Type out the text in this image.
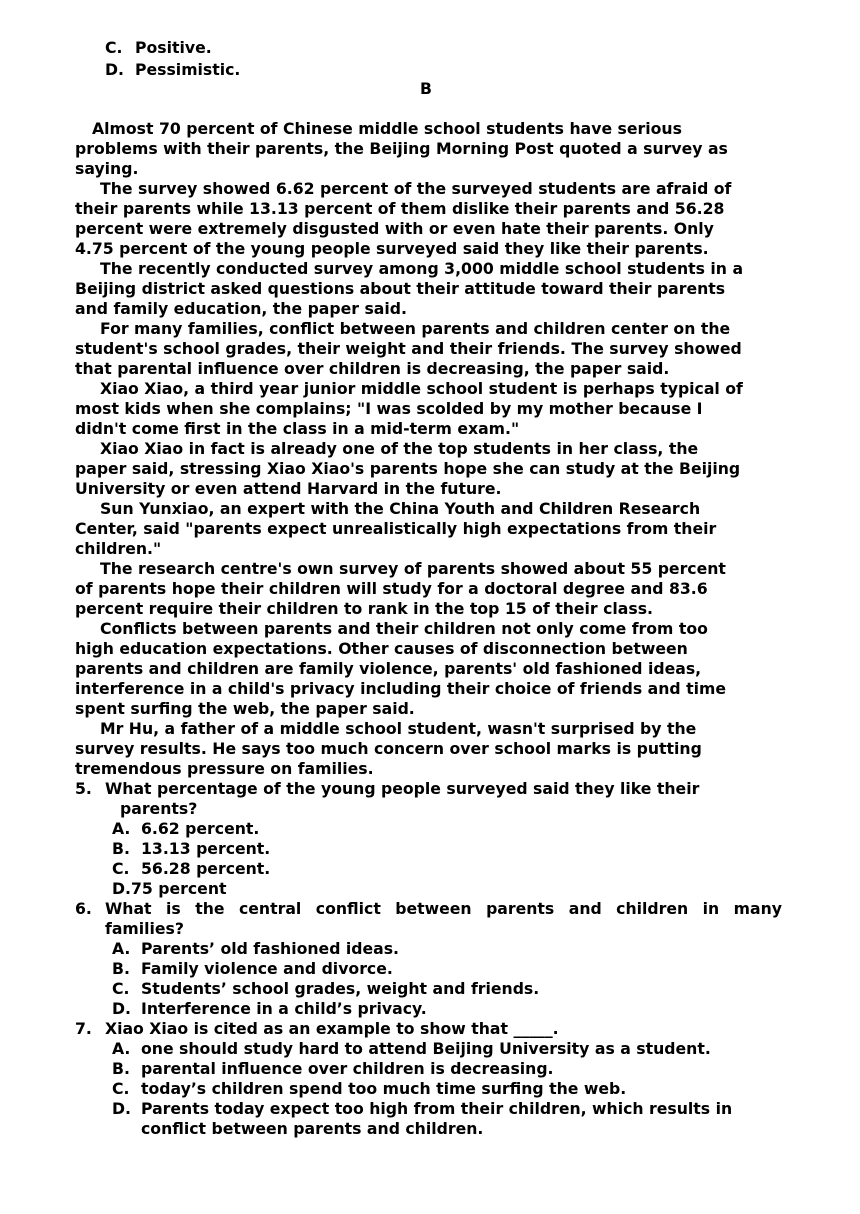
C. Positive.
D. Pessimistic.
B
Almost 70 percent of Chinese middle school students have serious
problems with their parents, the Beijing Morning Post quoted a survey as
saying.
The survey showed 6.62 percent of the surveyed students are afraid of
their parents while 13.13 percent of them dislike their parents and 56.28
percent were extremely disgusted with or even hate their parents. Only
4.75 percent of the young people surveyed said they like their parents.
The recently conducted survey among 3,000 middle school students in a
Beijing district asked questions about their attitude toward their parents
and family education, the paper said.
For many families, conflict between parents and children center on the
student's school grades, their weight and their friends. The survey showed
that parental influence over children is decreasing, the paper said.
Xiao Xiao, a third year junior middle school student is perhaps typical of
most kids when she complains; "I was scolded by my mother because I
didn't come first in the class in a mid-term exam."
Xiao Xiao in fact is already one of the top students in her class, the
paper said, stressing Xiao Xiao's parents hope she can study at the Beijing
University or even attend Harvard in the future.
Sun Yunxiao, an expert with the China Youth and Children Research
Center, said "parents expect unrealistically high expectations from their
children."
The research centre's own survey of parents showed about 55 percent
of parents hope their children will study for a doctoral degree and 83.6
percent require their children to rank in the top 15 of their class.
Conflicts between parents and their children not only come from too
high education expectations. Other causes of disconnection between
parents and children are family violence, parents' old fashioned ideas,
interference in a child's privacy including their choice of friends and time
spent surfing the web, the paper said.
Mr Hu, a father of a middle school student, wasn't surprised by the
survey results. He says too much concern over school marks is putting
tremendous pressure on families.
5. What percentage of the young people surveyed said they like their
parents?
A. 6.62 percent.
B. 13.13 percent.
C. 56.28 percent.
D.75 percent
6. What is the central conflict between parents and children in many
families?
A. Parents’ old fashioned ideas.
B. Family violence and divorce.
C. Students’ school grades, weight and friends.
D. Interference in a child’s privacy.
7. Xiao Xiao is cited as an example to show that _____.
A. one should study hard to attend Beijing University as a student.
B. parental influence over children is decreasing.
C. today’s children spend too much time surfing the web.
D. Parents today expect too high from their children, which results in
conflict between parents and children.
